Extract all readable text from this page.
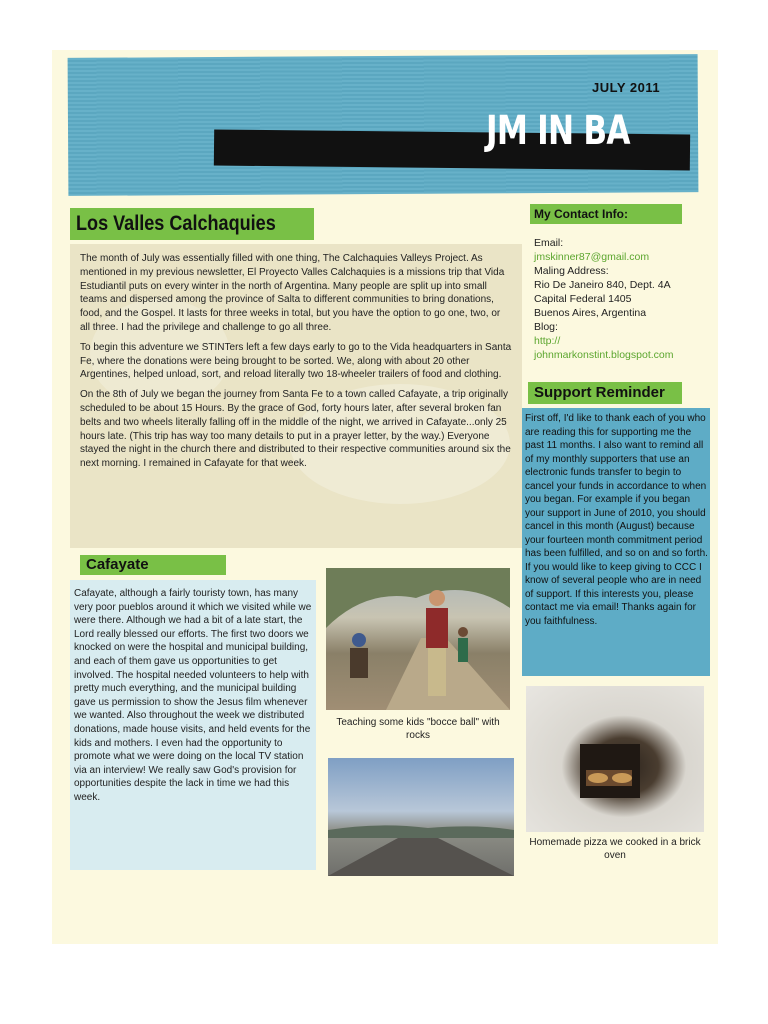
JULY 2011
JM IN BA
Los Valles Calchaquies

The month of July was essentially filled with one thing, The Calchaquies Valleys Project. As mentioned in my previous newsletter, El Proyecto Valles Calchaquies is a missions trip that Vida Estudiantil puts on every winter in the north of Argentina. Many people are split up into small teams and dispersed among the province of Salta to different communities to bring donations, food, and the Gospel. It lasts for three weeks in total, but you have the option to go one, two, or all three. I had the privilege and challenge to go all three.

To begin this adventure we STINTers left a few days early to go to the Vida headquarters in Santa Fe, where the donations were being brought to be sorted. We, along with about 20 other Argentines, helped unload, sort, and reload literally two 18-wheeler trailers of food and clothing.

On the 8th of July we began the journey from Santa Fe to a town called Cafayate, a trip originally scheduled to be about 15 Hours. By the grace of God, forty hours later, after several broken fan belts and two wheels literally falling off in the middle of the night, we arrived in Cafayate...only 25 hours late. (This trip has way too many details to put in a prayer letter, by the way.) Everyone stayed the night in the church there and distributed to their respective communities around six the next morning. I remained in Cafayate for that week.

My Contact Info:
Email:
jmskinner87@gmail.com
Maling Address:
Rio De Janeiro 840, Dept. 4A
Capital Federal 1405
Buenos Aires, Argentina
Blog:
http://
johnmarkonstint.blogspot.com
Support Reminder
First off, I'd like to thank each of you who are reading this for supporting me the past 11 months. I also want to remind all of my monthly supporters that use an electronic funds transfer to begin to cancel your funds in accordance to when you began. For example if you began your support in June of 2010, you should cancel in this month (August) because your fourteen month commitment period has been fulfilled, and so on and so forth. If you would like to keep giving to CCC I know of several people who are in need of support. If this interests you, please contact me via email! Thanks again for you faithfulness.
Cafayate
Cafayate, although a fairly touristy town, has many very poor pueblos around it which we visited while we were there. Although we had a bit of a late start, the Lord really blessed our efforts. The first two doors we knocked on were the hospital and municipal building, and each of them gave us opportunities to get involved. The hospital needed volunteers to help with pretty much everything, and the municipal building gave us permission to show the Jesus film whenever we wanted. Also throughout the week we distributed donations, made house visits, and held events for the kids and mothers. I even had the opportunity to promote what we were doing on the local TV station via an interview! We really saw God's provision for opportunities despite the lack in time we had this week.
Teaching some kids "bocce ball" with rocks
Homemade pizza we cooked in a brick oven
